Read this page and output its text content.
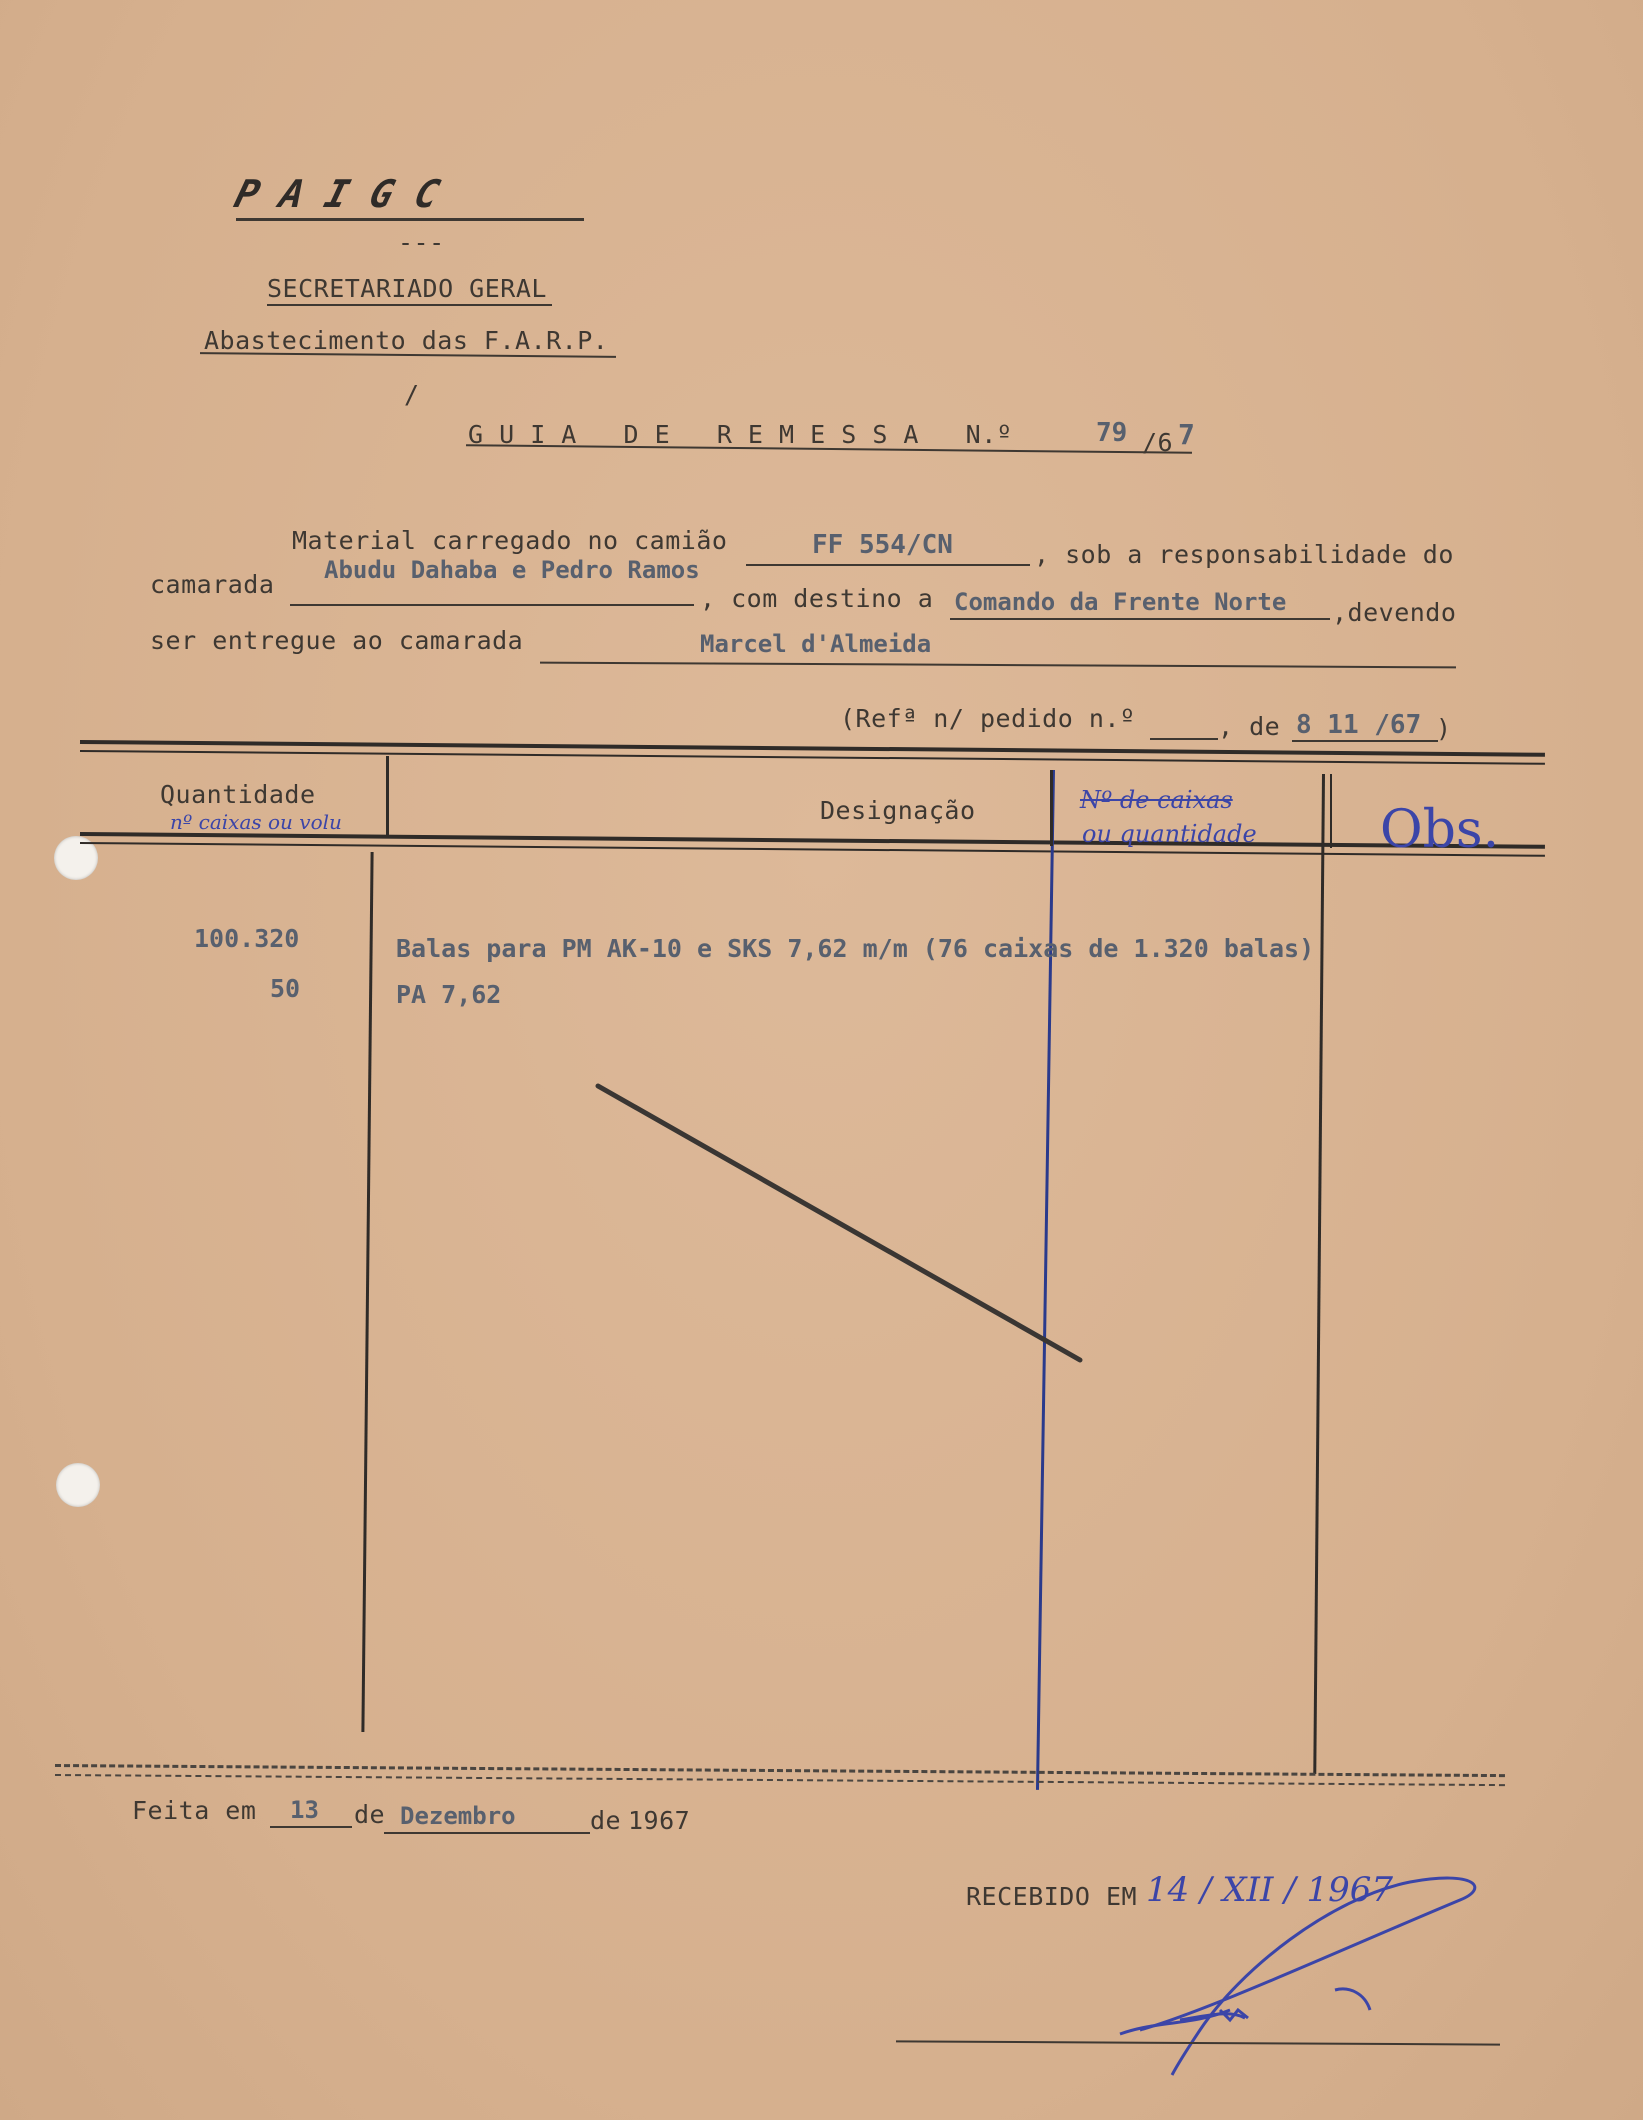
PAIGC
---
SECRETARIADO GERAL
Abastecimento das F.A.R.P.
/
G U I A   D E   R E M E S S A   N.º	79 /6 7
Material carregado no camião	FF 554/CN	, sob a responsabilidade do
camarada Abudu Dahaba e Pedro Ramos
, com destino a Comando da Frente Norte ,devendo
ser entregue ao camarada	Marcel d'Almeida
(Refª n/ pedido n.º	, de 8 11 /67 )
Quantidade
nº caixas ou volu	Designação	Nº de caixas
ou quantidade Obs.
100.320	Balas para PM AK-10 e SKS 7,62 m/m (76 caixas de 1.320 balas)
50	PA 7,62
Feita em 13 de Dezembro	de 1967
RECEBIDO EM 14 / XII / 1967
